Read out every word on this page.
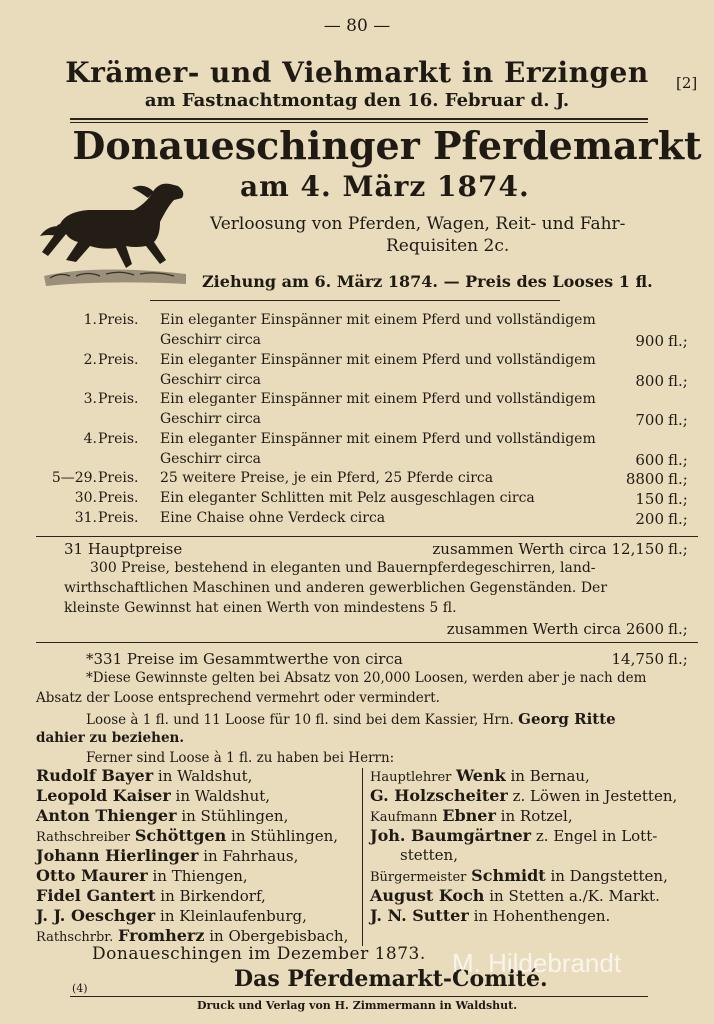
— 80 —
Krämer- und Viehmarkt in Erzingen	[2]
am Fastnachtmontag den 16. Februar d. J.
Donaueschinger Pferdemarkt
am 4. März 1874.
Verloosung von Pferden, Wagen, Reit- und Fahr-
Requisiten 2c.
Ziehung am 6. März 1874. — Preis des Looses 1 fl.
1. Preis. Ein eleganter Einspänner mit einem Pferd und vollständigem
Geschirr circa	900 fl.;
2. Preis. Ein eleganter Einspänner mit einem Pferd und vollständigem
Geschirr circa	800 fl.;
3. Preis. Ein eleganter Einspänner mit einem Pferd und vollständigem
Geschirr circa	700 fl.;
4. Preis. Ein eleganter Einspänner mit einem Pferd und vollständigem
Geschirr circa	600 fl.;
5—29. Preis. 25 weitere Preise, je ein Pferd, 25 Pferde circa	8800 fl.;
30. Preis. Ein eleganter Schlitten mit Pelz ausgeschlagen circa	150 fl.;
31. Preis. Eine Chaise ohne Verdeck circa	200 fl.;
31 Hauptpreise	zusammen Werth circa 12,150 fl.;
300 Preise, bestehend in eleganten und Bauernpferdegeschirren, land-
wirthschaftlichen Maschinen und anderen gewerblichen Gegenständen. Der
kleinste Gewinnst hat einen Werth von mindestens 5 fl.
zusammen Werth circa 2600 fl.;
*331 Preise im Gesammtwerthe von circa	14,750 fl.;
*Diese Gewinnste gelten bei Absatz von 20,000 Loosen, werden aber je nach dem
Absatz der Loose entsprechend vermehrt oder vermindert.
Loose à 1 fl. und 11 Loose für 10 fl. sind bei dem Kassier, Hrn. Georg Ritte
dahier zu beziehen.
Ferner sind Loose à 1 fl. zu haben bei Herrn:
Rudolf Bayer in Waldshut,
Leopold Kaiser in Waldshut,
Anton Thienger in Stühlingen,
Rathschreiber Schöttgen in Stühlingen,
Johann Hierlinger in Fahrhaus,
Otto Maurer in Thiengen,
Fidel Gantert in Birkendorf,
J. J. Oeschger in Kleinlaufenburg,
Rathschrbr. Fromherz in Obergebisbach,
Hauptlehrer Wenk in Bernau,
G. Holzscheiter z. Löwen in Jestetten,
Kaufmann Ebner in Rotzel,
Joh. Baumgärtner z. Engel in Lott-
stetten,
Bürgermeister Schmidt in Dangstetten,
August Koch in Stetten a./K. Markt.
J. N. Sutter in Hohenthengen.
Donaueschingen im Dezember 1873.
Das Pferdemarkt-Comité.
(4)
M. Hildebrandt
Druck und Verlag von H. Zimmermann in Waldshut.
